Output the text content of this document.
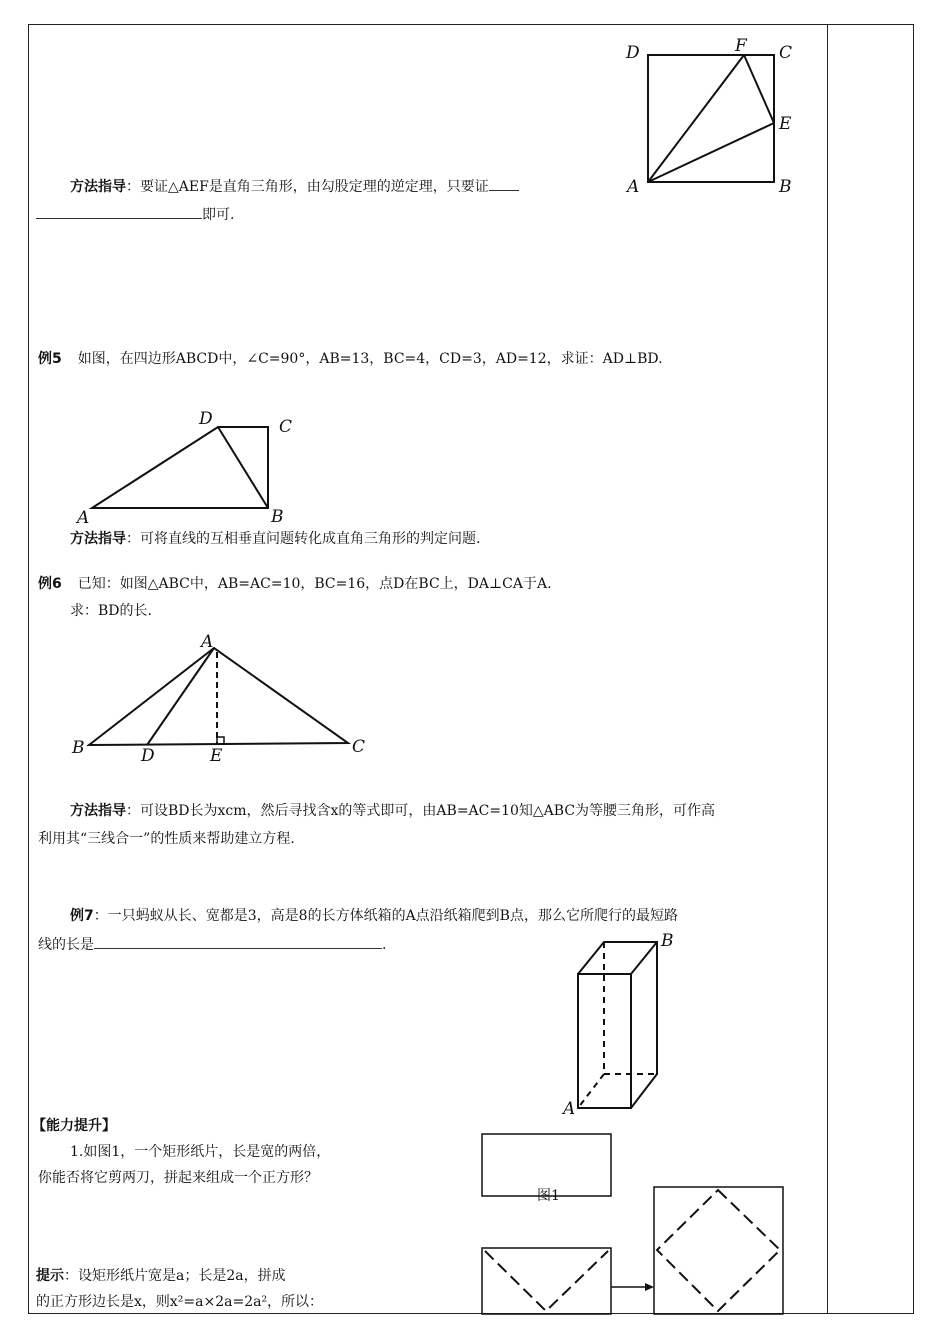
D	F C
E
A	B
方法指导：要证△AEF是直角三角形，由勾股定理的逆定理，只要证
即可.
例5 如图，在四边形ABCD中，∠C=90°，AB=13，BC=4，CD=3，AD=12，求证：AD⊥BD.
D	C
A	B
方法指导：可将直线的互相垂直问题转化成直角三角形的判定问题.
例6 已知：如图△ABC中，AB=AC=10，BC=16，点D在BC上，DA⊥CA于A.
求：BD的长.
A
B	D	E	C
方法指导：可设BD长为xcm，然后寻找含x的等式即可，由AB=AC=10知△ABC为等腰三角形，可作高
利用其“三线合一”的性质来帮助建立方程.
例7：一只蚂蚁从长、宽都是3，高是8的长方体纸箱的A点沿纸箱爬到B点，那么它所爬行的最短路
线的长是	.	B
A
【能力提升】
1.如图1，一个矩形纸片，长是宽的两倍，
你能否将它剪两刀，拼起来组成一个正方形？
提示：设矩形纸片宽是a；长是2a，拼成
的正方形边长是x，则x²=a×2a=2a²，所以：
图1
